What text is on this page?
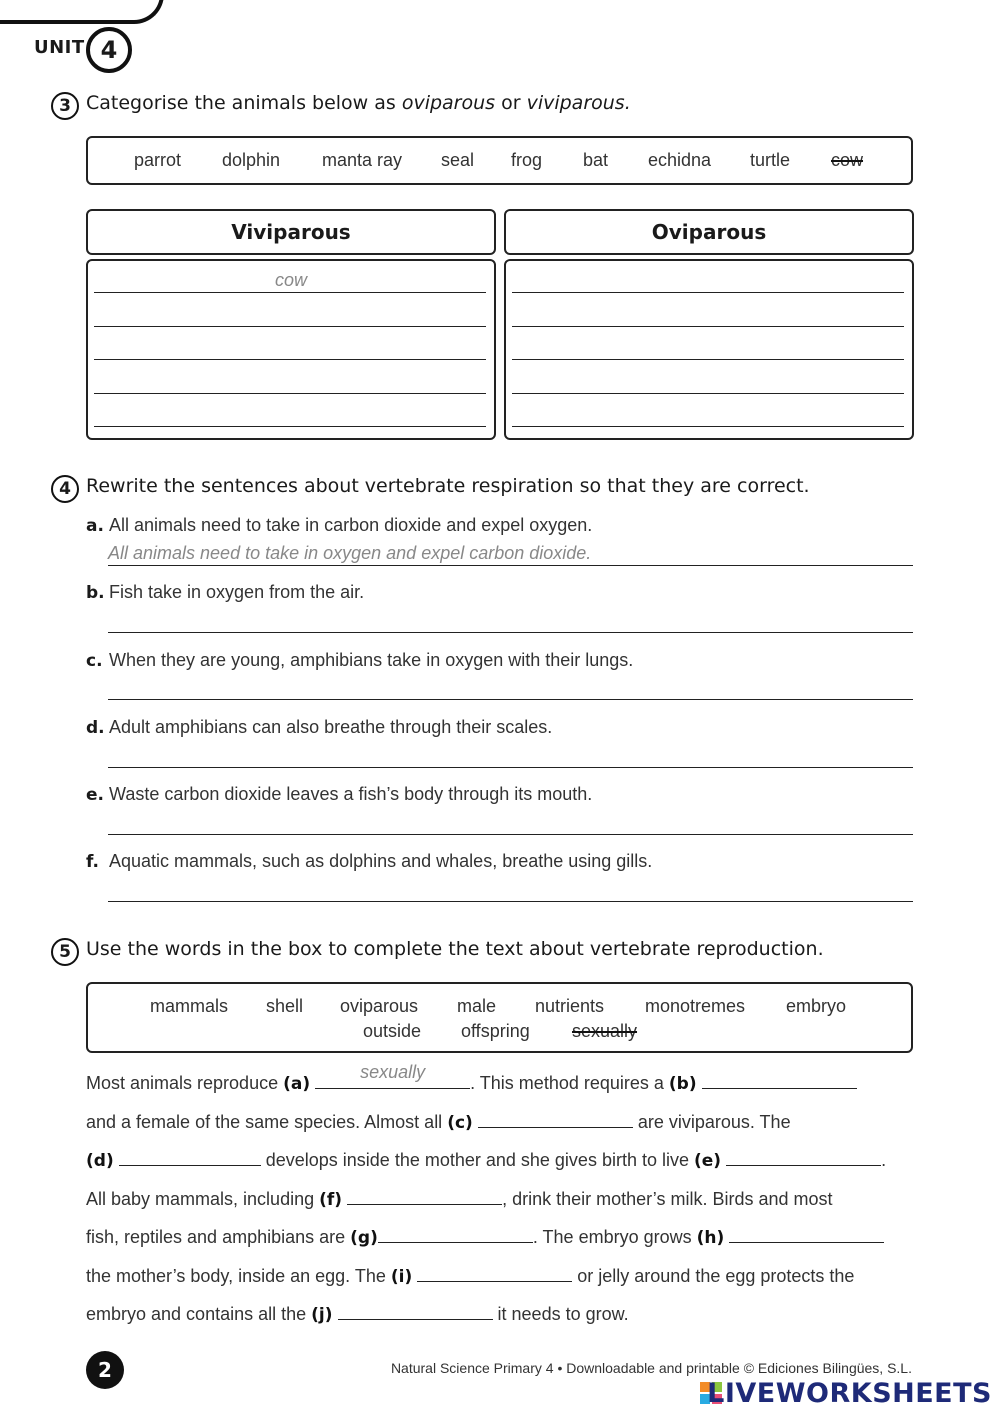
UNIT 4
3 Categorise the animals below as oviparous or viviparous.
parrot dolphin manta ray seal frog bat echidna turtle cow
Viviparous	Oviparous
cow
4 Rewrite the sentences about vertebrate respiration so that they are correct.
a. All animals need to take in carbon dioxide and expel oxygen.
All animals need to take in oxygen and expel carbon dioxide.
b. Fish take in oxygen from the air.
c. When they are young, amphibians take in oxygen with their lungs.
d. Adult amphibians can also breathe through their scales.
e. Waste carbon dioxide leaves a fish’s body through its mouth.
f. Aquatic mammals, such as dolphins and whales, breathe using gills.
5 Use the words in the box to complete the text about vertebrate reproduction.
mammals shell oviparous male nutrients monotremes embryo
outside offspring sexually
Most animals reproduce (a)
sexually
. This method requires a (b)
and a female of the same species. Almost all (c)	are viviparous. The
(d)	develops inside the mother and she gives birth to live (e)	.
All baby mammals, including (f)	, drink their mother’s milk. Birds and most
fish, reptiles and amphibians are (g)	. The embryo grows (h)
the mother’s body, inside an egg. The (i)	or jelly around the egg protects the
embryo and contains all the (j)	it needs to grow.
2	Natural Science Primary 4 • Downloadable and printable © Ediciones Bilingües, S.L.
LIVEWORKSHEETS
